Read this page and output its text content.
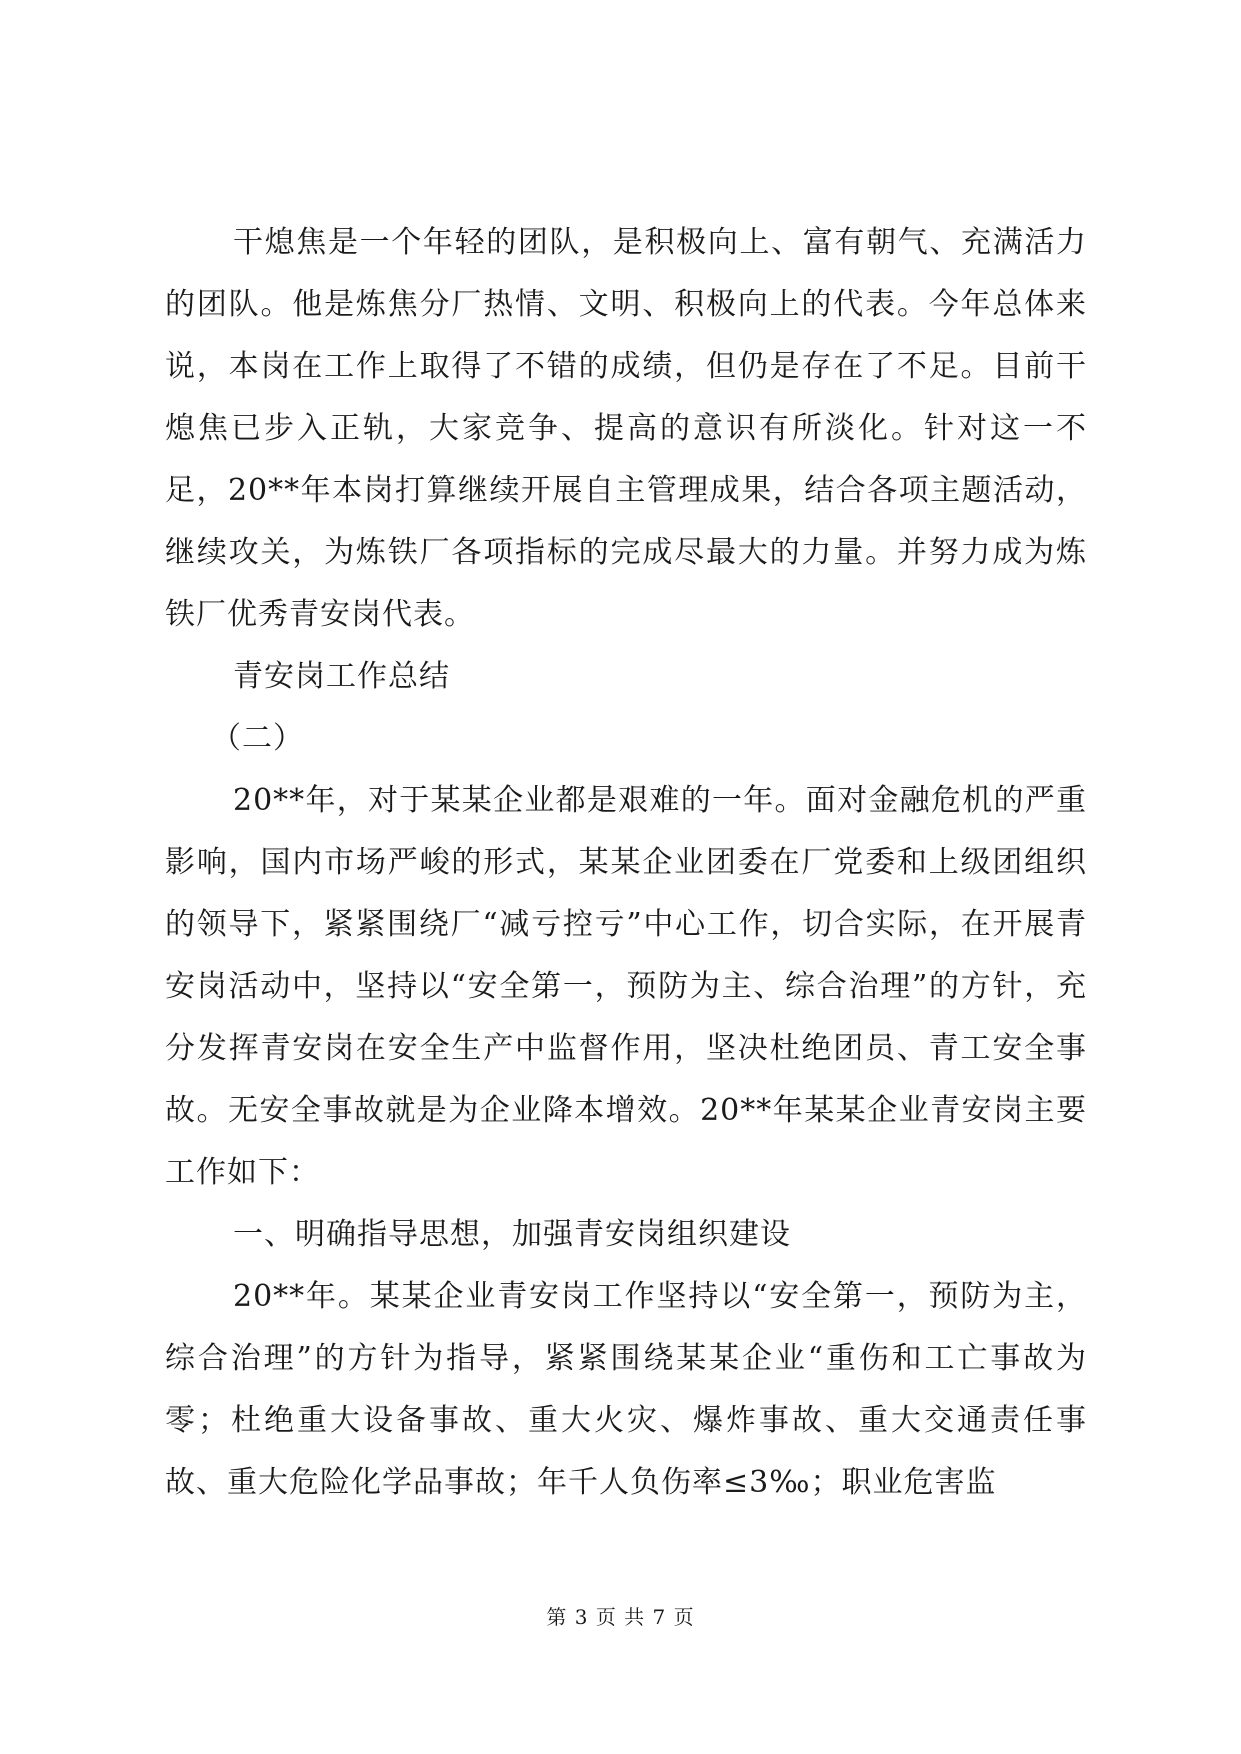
干熄焦是一个年轻的团队，是积极向上、富有朝气、充满活力的团队。他是炼焦分厂热情、文明、积极向上的代表。今年总体来说，本岗在工作上取得了不错的成绩，但仍是存在了不足。目前干熄焦已步入正轨，大家竞争、提高的意识有所淡化。针对这一不足，20**年本岗打算继续开展自主管理成果，结合各项主题活动，继续攻关，为炼铁厂各项指标的完成尽最大的力量。并努力成为炼铁厂优秀青安岗代表。

青安岗工作总结

（二）

20**年，对于某某企业都是艰难的一年。面对金融危机的严重影响，国内市场严峻的形式，某某企业团委在厂党委和上级团组织的领导下，紧紧围绕厂“减亏控亏”中心工作，切合实际，在开展青安岗活动中，坚持以“安全第一，预防为主、综合治理”的方针，充分发挥青安岗在安全生产中监督作用，坚决杜绝团员、青工安全事故。无安全事故就是为企业降本增效。20**年某某企业青安岗主要工作如下：

一、明确指导思想，加强青安岗组织建设

20**年。某某企业青安岗工作坚持以“安全第一，预防为主，综合治理”的方针为指导，紧紧围绕某某企业“重伤和工亡事故为零；杜绝重大设备事故、重大火灾、爆炸事故、重大交通责任事故、重大危险化学品事故；年千人负伤率≤3‰；职业危害监

第 3 页 共 7 页
